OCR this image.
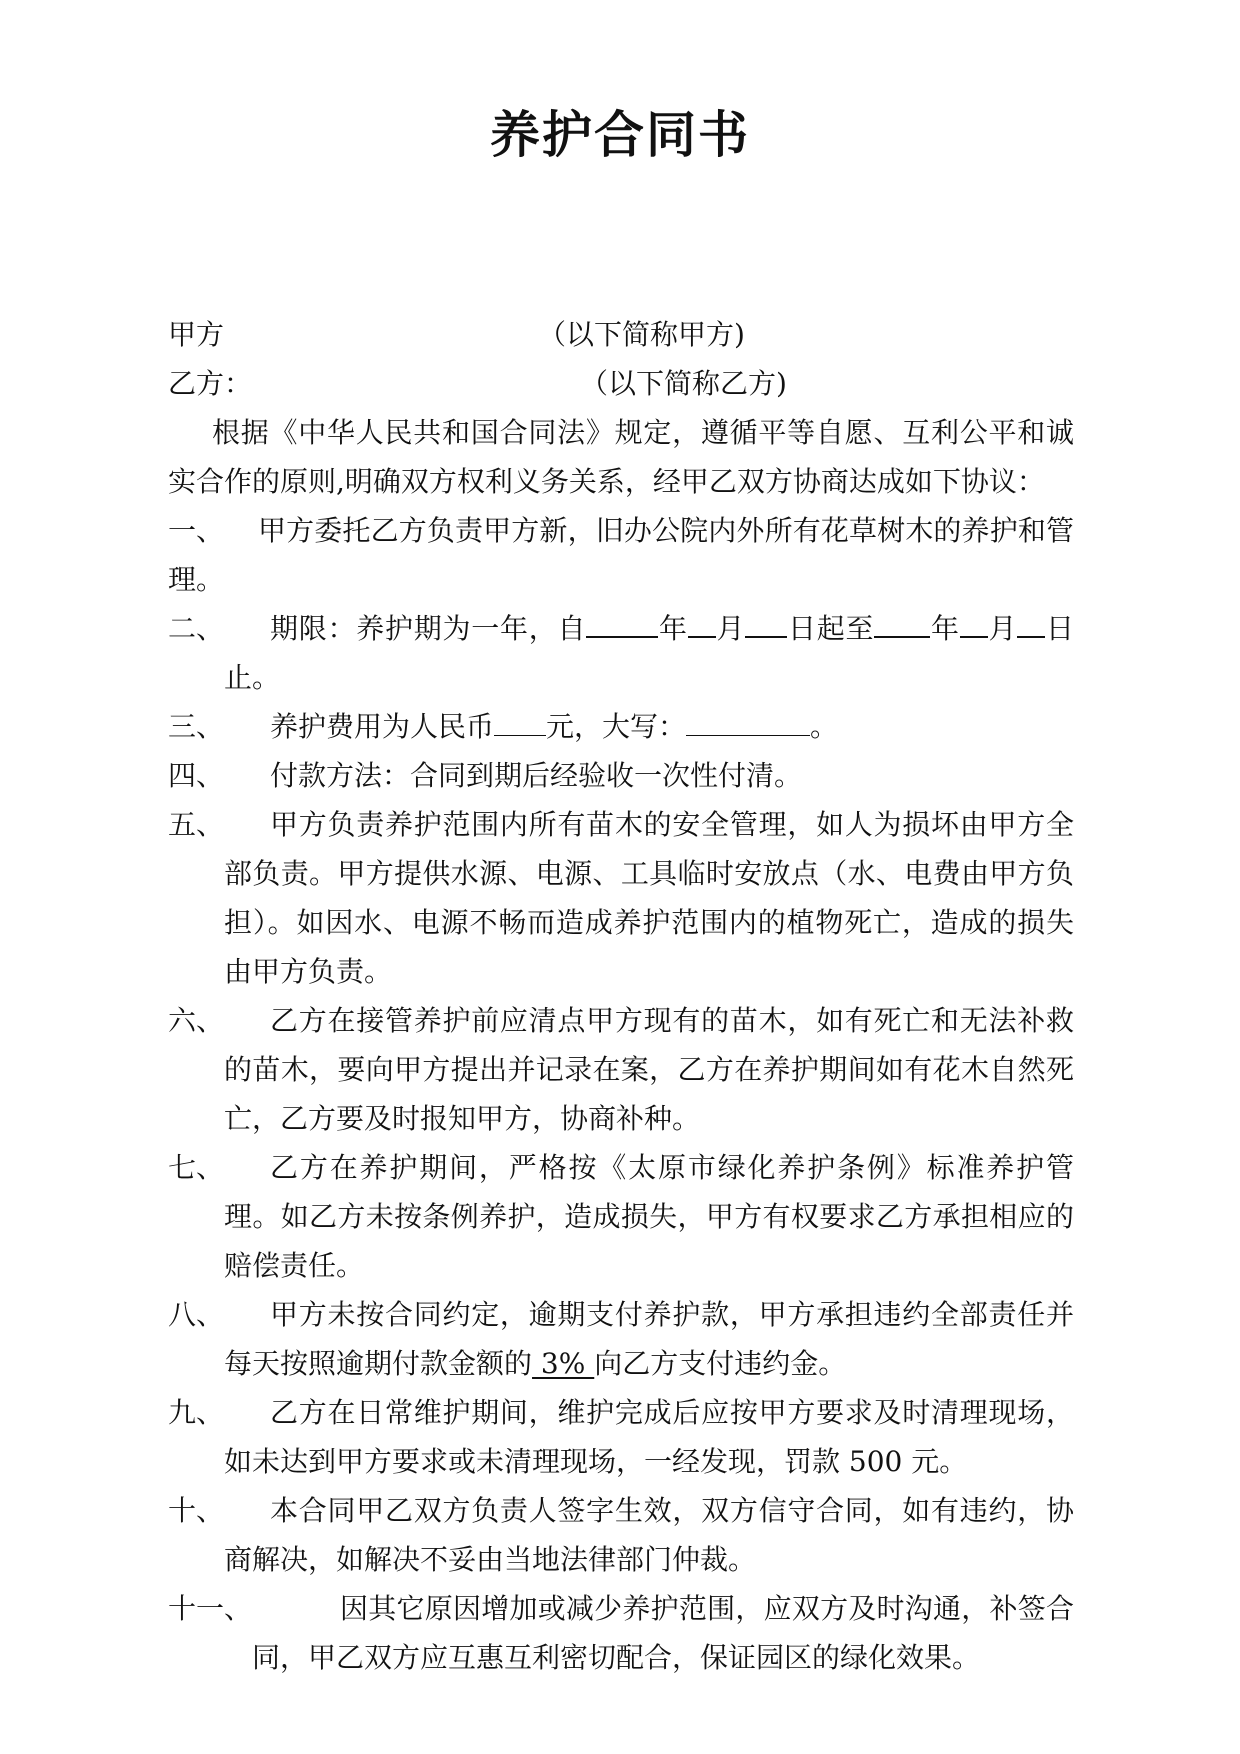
养护合同书
甲方	（以下简称甲方)
乙方：	（以下简称乙方)
根据《中华人民共和国合同法》规定，遵循平等自愿、互利公平和诚实合作的原则,明确双方权利义务关系，经甲乙双方协商达成如下协议：
一、	甲方委托乙方负责甲方新，旧办公院内外所有花草树木的养护和管理。
二、	期限：养护期为一年，自	年 月 日起至 年 月 日止。
三、	养护费用为人民币 元，大写：	。
四、	付款方法：合同到期后经验收一次性付清。
五、	甲方负责养护范围内所有苗木的安全管理，如人为损坏由甲方全部负责。甲方提供水源、电源、工具临时安放点（水、电费由甲方负担）。如因水、电源不畅而造成养护范围内的植物死亡，造成的损失由甲方负责。
六、	乙方在接管养护前应清点甲方现有的苗木，如有死亡和无法补救的苗木，要向甲方提出并记录在案，乙方在养护期间如有花木自然死亡，乙方要及时报知甲方，协商补种。
七、	乙方在养护期间，严格按《太原市绿化养护条例》标准养护管理。如乙方未按条例养护，造成损失，甲方有权要求乙方承担相应的赔偿责任。
八、	甲方未按合同约定，逾期支付养护款，甲方承担违约全部责任并每天按照逾期付款金额的 3% 向乙方支付违约金。
九、	乙方在日常维护期间，维护完成后应按甲方要求及时清理现场，如未达到甲方要求或未清理现场，一经发现，罚款 500 元。
十、	本合同甲乙双方负责人签字生效，双方信守合同，如有违约，协商解决，如解决不妥由当地法律部门仲裁。
十一、	因其它原因增加或减少养护范围，应双方及时沟通，补签合同，甲乙双方应互惠互利密切配合，保证园区的绿化效果。
